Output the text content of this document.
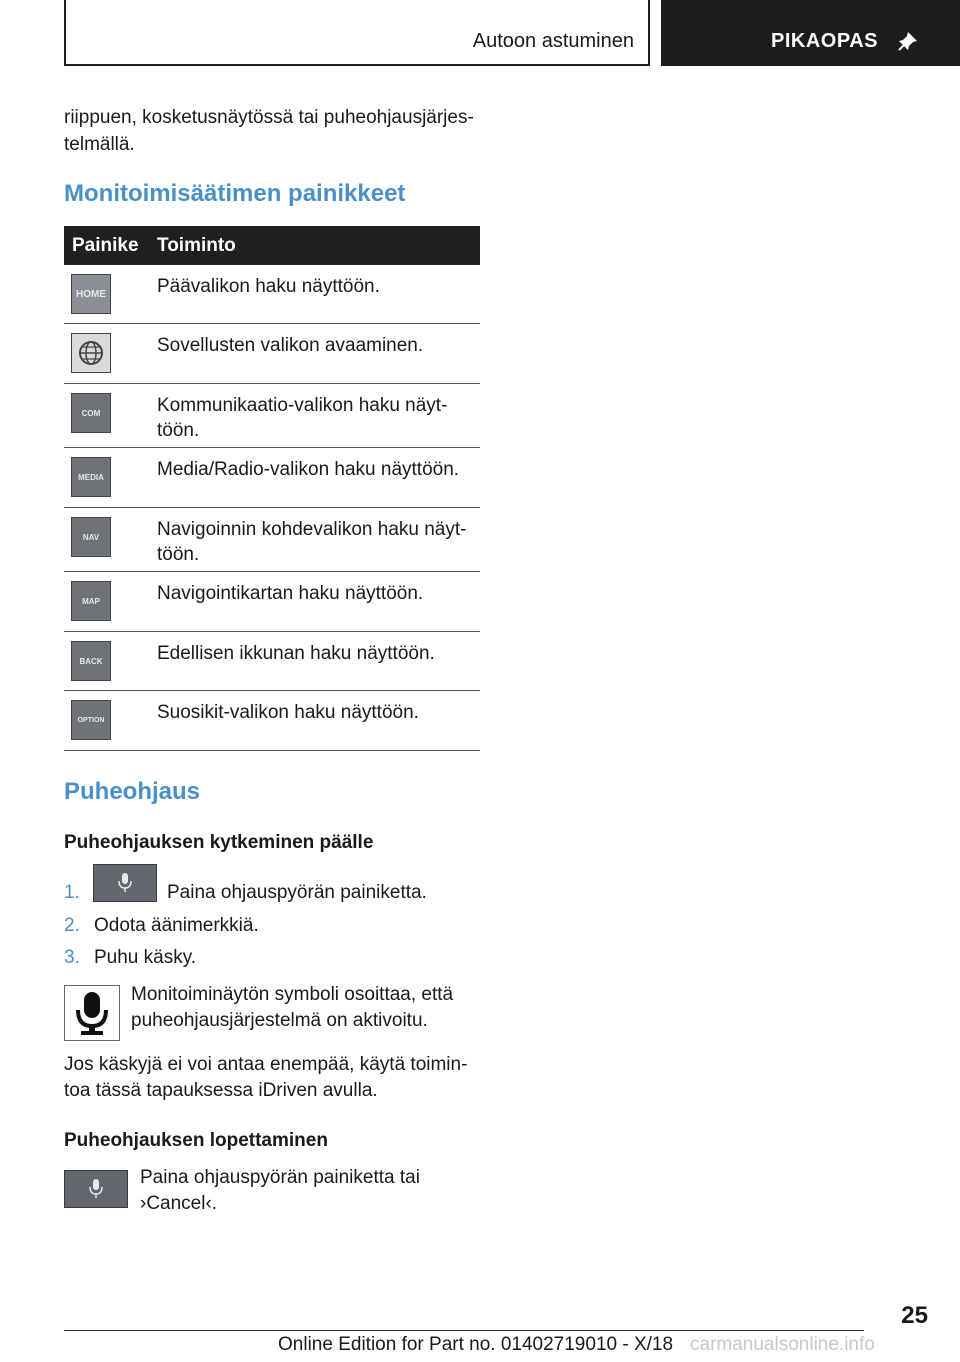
Autoon astuminen	PIKAOPAS
riippuen, kosketusnäytössä tai puheohjausjärjes-telmällä.
Monitoimisäätimen painikkeet
Painike Toiminto
HOME	Päävalikon haku näyttöön.
Sovellusten valikon avaaminen.
COM	Kommunikaatio-valikon haku näyt-töön.
MEDIA	Media/Radio-valikon haku näyttöön.
NAV	Navigoinnin kohdevalikon haku näyt-töön.
MAP	Navigointikartan haku näyttöön.
BACK	Edellisen ikkunan haku näyttöön.
OPTION	Suosikit-valikon haku näyttöön.
Puheohjaus
Puheohjauksen kytkeminen päälle
1.	Paina ohjauspyörän painiketta.
2. Odota äänimerkkiä.
3. Puhu käsky.
Monitoiminäytön symboli osoittaa, että puheohjausjärjestelmä on aktivoitu.
Jos käskyjä ei voi antaa enempää, käytä toimin-toa tässä tapauksessa iDriven avulla.
Puheohjauksen lopettaminen
Paina ohjauspyörän painiketta tai ›Cancel‹.
25
Online Edition for Part no. 01402719010 - X/18 carmanualsonline.info
